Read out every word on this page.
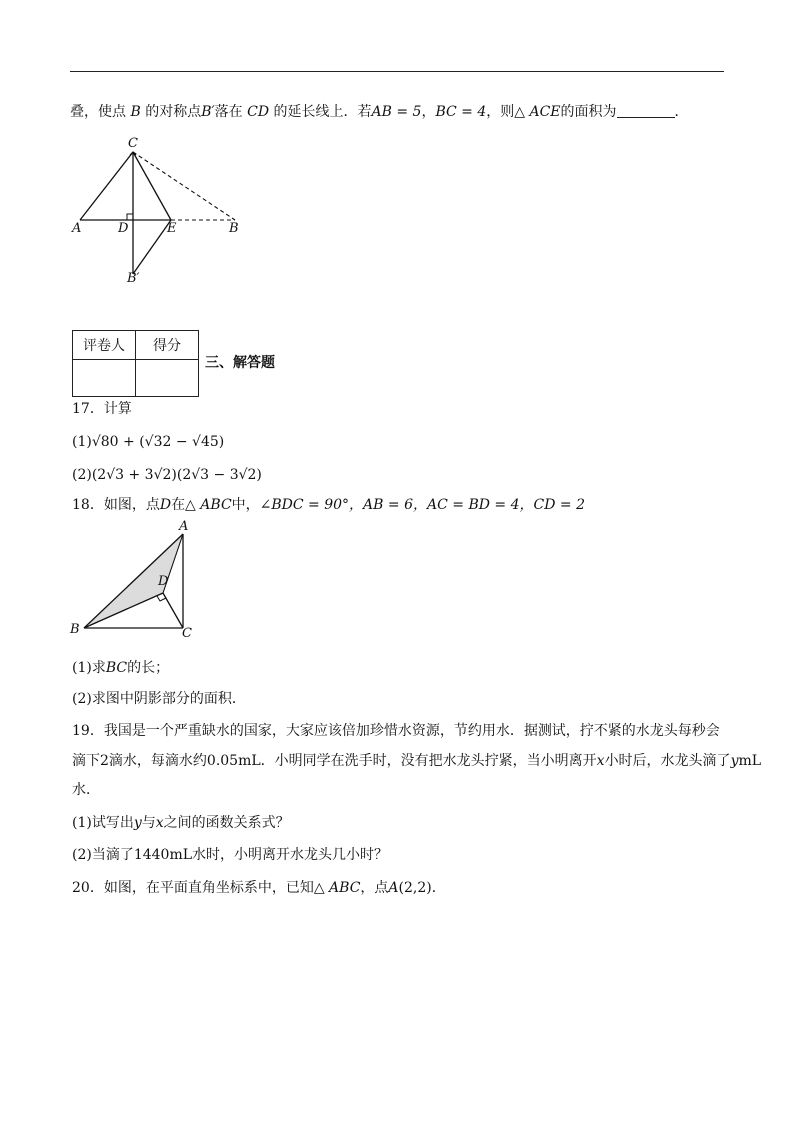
叠，使点 B 的对称点B′落在 CD 的延长线上．若AB = 5，BC = 4，则△ ACE的面积为	．
C
A	D	E	B
B′
评卷人	得分

三、解答题
17．计算
(1)√80 + (√32 − √45)
(2)(2√3 + 3√2)(2√3 − 3√2)
18．如图，点D在△ ABC中，∠BDC = 90°，AB = 6，AC = BD = 4，CD = 2
A
D
B	C
(1)求BC的长；
(2)求图中阴影部分的面积．
19．我国是一个严重缺水的国家，大家应该倍加珍惜水资源，节约用水．据测试，拧不紧的水龙头每秒会
滴下2滴水，每滴水约0.05mL．小明同学在洗手时，没有把水龙头拧紧，当小明离开x小时后，水龙头滴了ymL
水．
(1)试写出y与x之间的函数关系式？
(2)当滴了1440mL水时，小明离开水龙头几小时？
20．如图，在平面直角坐标系中，已知△ ABC，点A(2,2)．
